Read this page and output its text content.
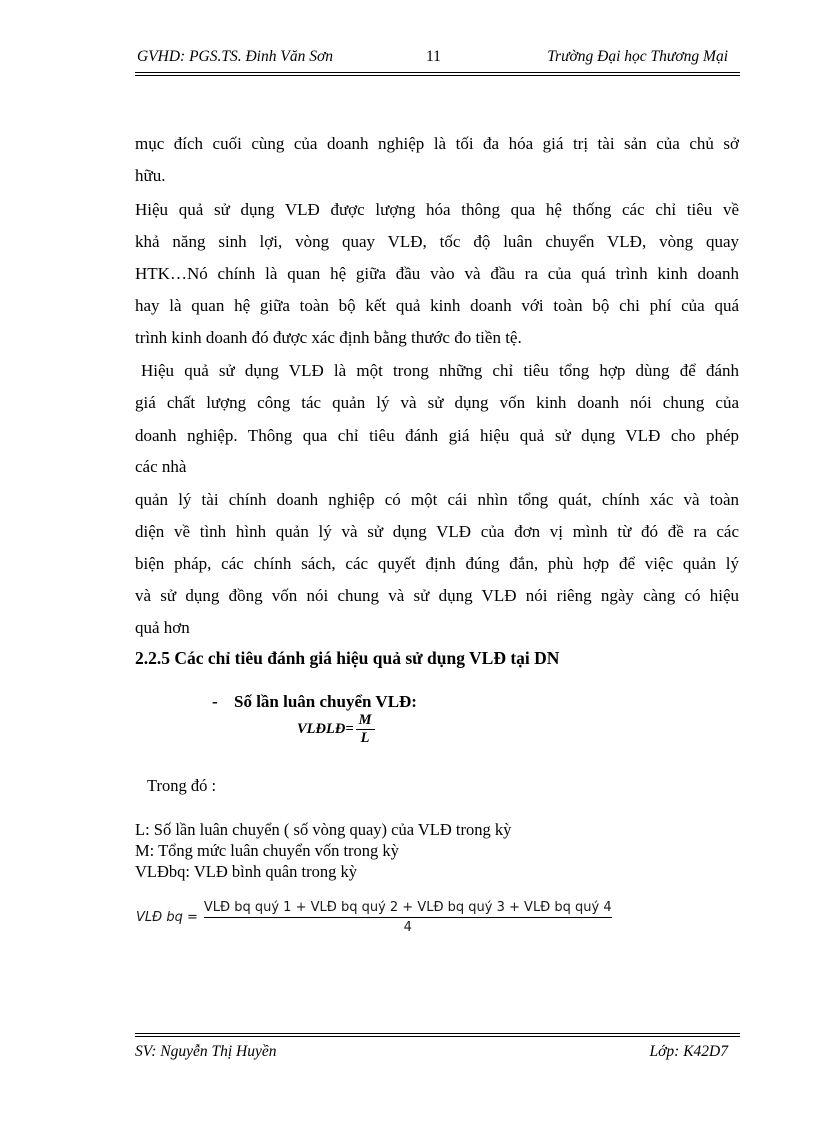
GVHD: PGS.TS. Đinh Văn Sơn	11	Trường Đại học Thương Mại
mục đích cuối cùng của doanh nghiệp là tối đa hóa giá trị tài sản của chủ sở
hữu.
Hiệu quả sử dụng VLĐ được lượng hóa thông qua hệ thống các chỉ tiêu về
khả năng sinh lợi, vòng quay VLĐ, tốc độ luân chuyển VLĐ, vòng quay
HTK…Nó chính là quan hệ giữa đầu vào và đầu ra của quá trình kinh doanh
hay là quan hệ giữa toàn bộ kết quả kinh doanh với toàn bộ chi phí của quá
trình kinh doanh đó được xác định bằng thước đo tiền tệ.
Hiệu quả sử dụng VLĐ là một trong những chỉ tiêu tổng hợp dùng để đánh
giá chất lượng công tác quản lý và sử dụng vốn kinh doanh nói chung của
doanh nghiệp. Thông qua chỉ tiêu đánh giá hiệu quả sử dụng VLĐ cho phép
các nhà
quản lý tài chính doanh nghiệp có một cái nhìn tổng quát, chính xác và toàn
diện về tình hình quản lý và sử dụng VLĐ của đơn vị mình từ đó đề ra các
biện pháp, các chính sách, các quyết định đúng đắn, phù hợp để việc quản lý
và sử dụng đồng vốn nói chung và sử dụng VLĐ nói riêng ngày càng có hiệu
quả hơn
2.2.5 Các chỉ tiêu đánh giá hiệu quả sử dụng VLĐ tại DN
- Số lần luân chuyển VLĐ:
VLĐLĐ= $\frac{M}{L}$
Trong đó :
L: Số lần luân chuyển ( số vòng quay) của VLĐ trong kỳ
M: Tổng mức luân chuyển vốn trong kỳ
VLĐbq: VLĐ bình quân trong kỳ
VLĐ bq =
VLĐ bq quý 1 + VLĐ bq quý 2 + VLĐ bq quý 3 + VLĐ bq quý 4
4
SV: Nguyễn Thị Huyền	Lớp: K42D7
